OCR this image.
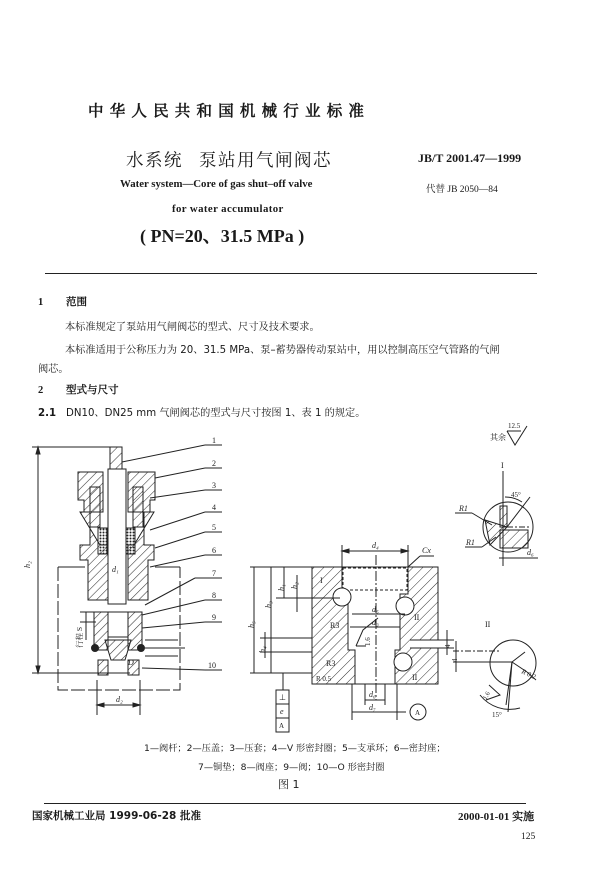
中华人民共和国机械行业标准
水系统 泵站用气闸阀芯	JB/T 2001.47—1999
Water system—Core of gas shut–off valve	代替 JB 2050—84
for water accumulator
( PN=20、31.5 MPa )
1 范围
本标准规定了泵站用气闸阀芯的型式、尺寸及技术要求。
本标准适用于公称压力为 20、31.5 MPa、泵–蓄势器传动泵站中，用以控制高压空气管路的气闸
阀芯。
2 型式与尺寸
2.1 DN10、DN25 mm 气闸阀芯的型式与尺寸按图 1、表 1 的规定。
其余
12.5
1
2
3
4
5
6
7
8
9
10
h₂
行程 S
d₁
d₂
D
d₄
Cx
I
d₅
d₃
II
II
R3
R3
R 0.5
1.6
h₅
h₃
h₁ h₂
h₄
d₆
d₇
A
⊥
e
A
4
I
45°
R1
R1
d₆
II
R 0.2
15°
1.6
4
1—阀杆；2—压盖；3—压套；4—V 形密封圈；5—支承环；6—密封座；
7—铜垫；8—阀座；9—阀；10—O 形密封圈
图 1
国家机械工业局 1999-06-28 批准	2000-01-01 实施
125
